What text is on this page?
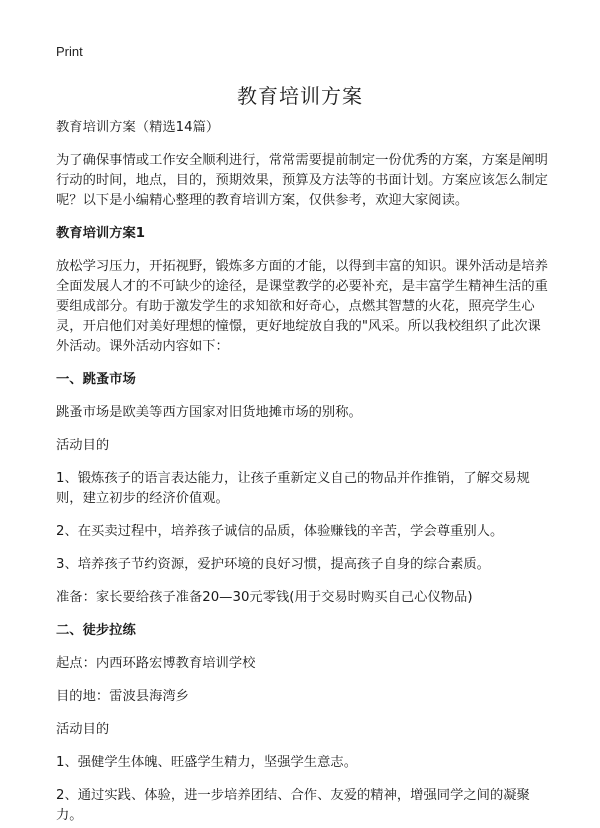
Print
教育培训方案

教育培训方案（精选14篇）

为了确保事情或工作安全顺利进行，常常需要提前制定一份优秀的方案，方案是阐明行动的时间，地点，目的，预期效果，预算及方法等的书面计划。方案应该怎么制定呢？以下是小编精心整理的教育培训方案，仅供参考，欢迎大家阅读。

教育培训方案1

放松学习压力，开拓视野，锻炼多方面的才能，以得到丰富的知识。课外活动是培养全面发展人才的不可缺少的途径，是课堂教学的必要补充，是丰富学生精神生活的重要组成部分。有助于激发学生的求知欲和好奇心，点燃其智慧的火花，照亮学生心灵，开启他们对美好理想的憧憬，更好地绽放自我的"风采。所以我校组织了此次课外活动。课外活动内容如下：

一、跳蚤市场

跳蚤市场是欧美等西方国家对旧货地摊市场的别称。

活动目的

1、锻炼孩子的语言表达能力，让孩子重新定义自己的物品并作推销，了解交易规则，建立初步的经济价值观。

2、在买卖过程中，培养孩子诚信的品质，体验赚钱的辛苦，学会尊重别人。

3、培养孩子节约资源，爱护环境的良好习惯，提高孩子自身的综合素质。

准备：家长要给孩子准备20—30元零钱(用于交易时购买自己心仪物品)

二、徒步拉练

起点：内西环路宏博教育培训学校

目的地：雷波县海湾乡

活动目的

1、强健学生体魄、旺盛学生精力，坚强学生意志。

2、通过实践、体验，进一步培养团结、合作、友爱的精神，增强同学之间的凝聚力。
